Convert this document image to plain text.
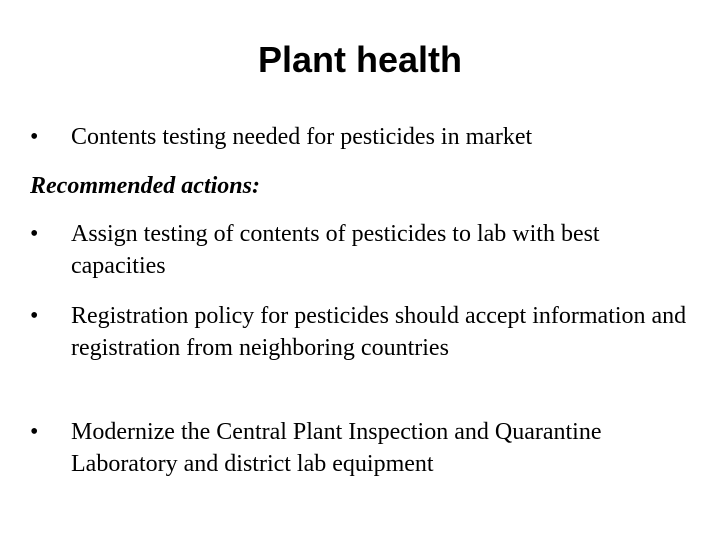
Plant health
•	Contents testing needed for pesticides in market
Recommended actions:
•	Assign testing of contents of pesticides to lab with best capacities
•	Registration policy for pesticides should accept information and registration from neighboring countries
•	Modernize the Central Plant Inspection and Quarantine Laboratory and district lab equipment
